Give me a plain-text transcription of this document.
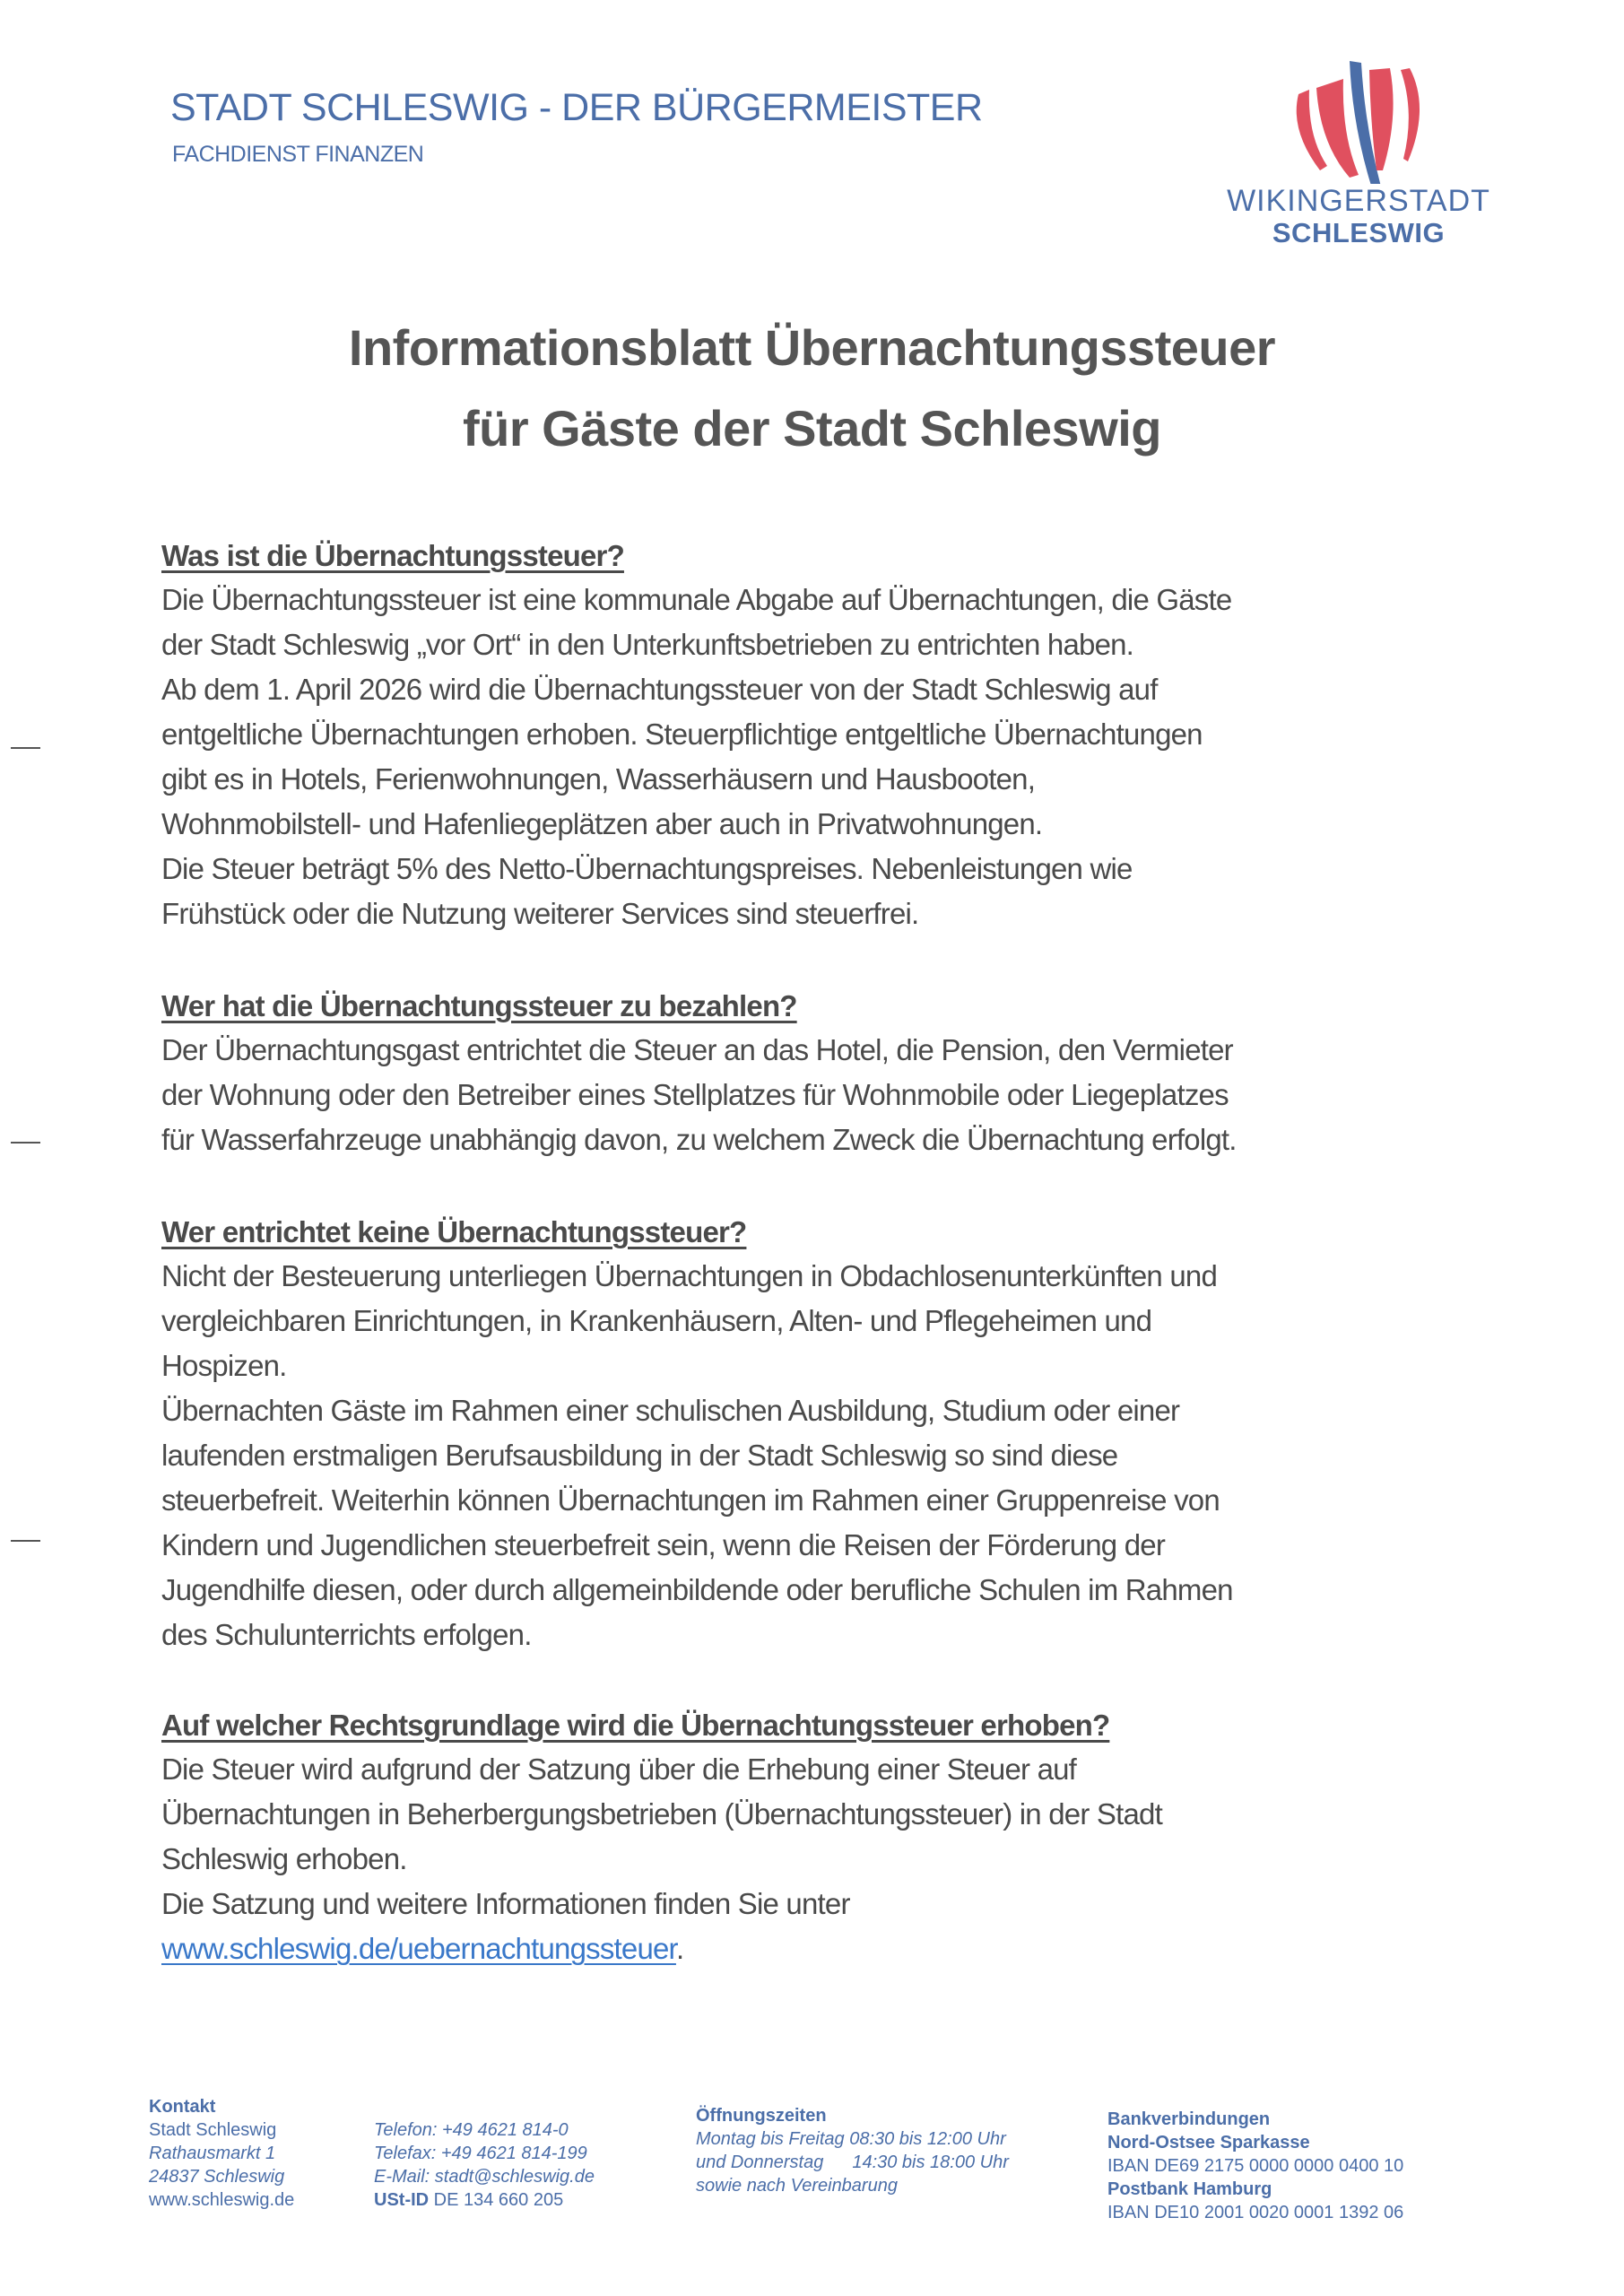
STADT SCHLESWIG - DER BÜRGERMEISTER
FACHDIENST FINANZEN
WIKINGERSTADT
SCHLESWIG
Informationsblatt Übernachtungssteuer
für Gäste der Stadt Schleswig
Was ist die Übernachtungssteuer?
Die Übernachtungssteuer ist eine kommunale Abgabe auf Übernachtungen, die Gäste
der Stadt Schleswig „vor Ort“ in den Unterkunftsbetrieben zu entrichten haben.
Ab dem 1. April 2026 wird die Übernachtungssteuer von der Stadt Schleswig auf
entgeltliche Übernachtungen erhoben. Steuerpflichtige entgeltliche Übernachtungen
gibt es in Hotels, Ferienwohnungen, Wasserhäusern und Hausbooten,
Wohnmobilstell- und Hafenliegeplätzen aber auch in Privatwohnungen.
Die Steuer beträgt 5% des Netto-Übernachtungspreises. Nebenleistungen wie
Frühstück oder die Nutzung weiterer Services sind steuerfrei.
Wer hat die Übernachtungssteuer zu bezahlen?
Der Übernachtungsgast entrichtet die Steuer an das Hotel, die Pension, den Vermieter
der Wohnung oder den Betreiber eines Stellplatzes für Wohnmobile oder Liegeplatzes
für Wasserfahrzeuge unabhängig davon, zu welchem Zweck die Übernachtung erfolgt.
Wer entrichtet keine Übernachtungssteuer?
Nicht der Besteuerung unterliegen Übernachtungen in Obdachlosenunterkünften und
vergleichbaren Einrichtungen, in Krankenhäusern, Alten- und Pflegeheimen und
Hospizen.
Übernachten Gäste im Rahmen einer schulischen Ausbildung, Studium oder einer
laufenden erstmaligen Berufsausbildung in der Stadt Schleswig so sind diese
steuerbefreit. Weiterhin können Übernachtungen im Rahmen einer Gruppenreise von
Kindern und Jugendlichen steuerbefreit sein, wenn die Reisen der Förderung der
Jugendhilfe diesen, oder durch allgemeinbildende oder berufliche Schulen im Rahmen
des Schulunterrichts erfolgen.
Auf welcher Rechtsgrundlage wird die Übernachtungssteuer erhoben?
Die Steuer wird aufgrund der Satzung über die Erhebung einer Steuer auf
Übernachtungen in Beherbergungsbetrieben (Übernachtungssteuer) in der Stadt
Schleswig erhoben.
Die Satzung und weitere Informationen finden Sie unter
www.schleswig.de/uebernachtungssteuer.
Kontakt
Stadt Schleswig
Rathausmarkt 1
24837 Schleswig
www.schleswig.de
Telefon: +49 4621 814-0
Telefax: +49 4621 814-199
E-Mail: stadt@schleswig.de
USt-ID DE 134 660 205
Öffnungszeiten
Montag bis Freitag 08:30 bis 12:00 Uhr
und Donnerstag 14:30 bis 18:00 Uhr
sowie nach Vereinbarung
Bankverbindungen
Nord-Ostsee Sparkasse
IBAN DE69 2175 0000 0000 0400 10
Postbank Hamburg
IBAN DE10 2001 0020 0001 1392 06
